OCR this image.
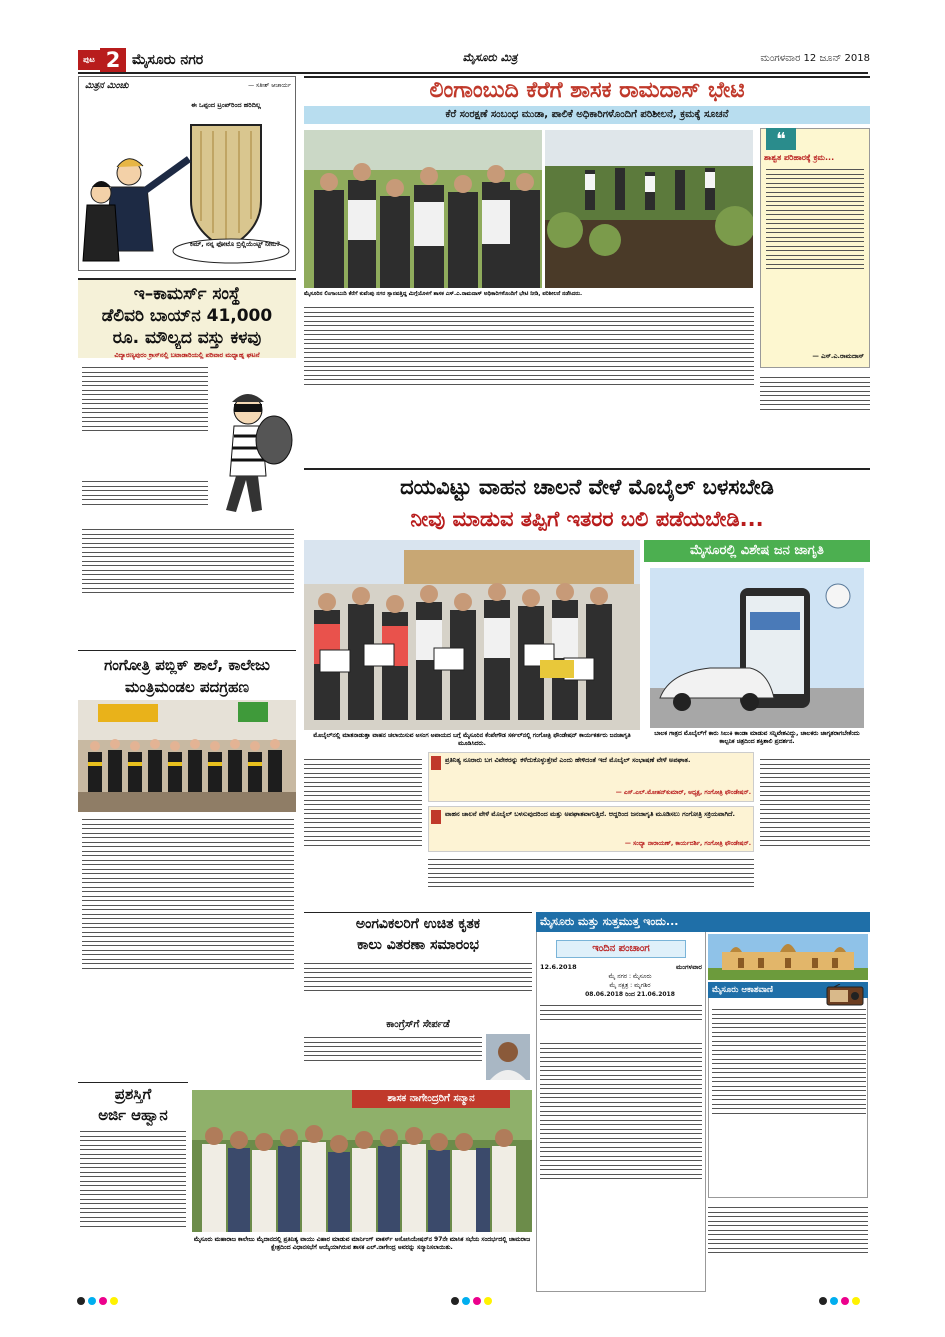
ಪುಟ 2 ಮೈಸೂರು ನಗರ	ಮೈಸೂರು ಮಿತ್ರ	ಮಂಗಳವಾರ 12 ಜೂನ್ 2018
ಮಿತ್ರನ ಮಿಂಚು	— ಸತೀಶ್ ಆಚಾರ್ಯ
ಈ ಒಪ್ಪಂದ ಟ್ರಂಪ್‌ರಿಂದ ಹರಿದಿಲ್ಲ
ಕಿಮ್, ನನ್ನ ಫೋಟೊ ಬ್ರಿಲ್ಲಿಯೆಂಟ್ಟ್ ನೀನು?
ಇ–ಕಾಮರ್ಸ್ ಸಂಸ್ಥೆ
ಡೆಲಿವರಿ ಬಾಯ್‌ನ 41,000
ರೂ. ಮೌಲ್ಯದ ವಸ್ತು ಕಳವು
ವಿದ್ಯಾರಣ್ಯಪುರಂ ಕ್ರಾಸ್‌ನಲ್ಲಿ ಬಟಾಡಾರಿಯಲ್ಲಿ ಪರಿವಾರ ಮಧ್ಯಾಹ್ನ ಘಟನೆ
ಗಂಗೋತ್ರಿ ಪಬ್ಲಿಕ್ ಶಾಲೆ, ಕಾಲೇಜು
ಮಂತ್ರಿಮಂಡಲ ಪದಗ್ರಹಣ
ಪ್ರಶಸ್ತಿಗೆ
ಅರ್ಜಿ ಆಹ್ವಾನ
ಲಿಂಗಾಂಬುದಿ ಕೆರೆಗೆ ಶಾಸಕ ರಾಮದಾಸ್ ಭೇಟಿ
ಕೆರೆ ಸಂರಕ್ಷಣೆ ಸಂಬಂಧ ಮುಡಾ, ಪಾಲಿಕೆ ಅಧಿಕಾರಿಗಳೊಂದಿಗೆ ಪರಿಶೀಲನೆ, ಕ್ರಮಕ್ಕೆ ಸೂಚನೆ
ಮೈಸೂರಿನ ಲಿಂಗಾಂಬುದಿ ಕೆರೆಗೆ ಕುವೆಂಪು ನಗರ ಸ್ನಾನವತ್ತಿದ್ದ ಮಿಗ್ಗೆಯೊಳಗೆ ಶಾಸಕ ಎಸ್.ಎ.ರಾಮದಾಸ್ ಅಧಿಕಾರಿಗಳೊಂದಿಗೆ ಭೇಟಿ ನೀಡಿ, ಪರಿಶೀಲನೆ ನಡೆಸಿದರು.
❝
ಶಾಶ್ವತ ಪರಿಹಾರಕ್ಕೆ ಕ್ರಮ...
— ಎಸ್.ಎ.ರಾಮದಾಸ್
ದಯವಿಟ್ಟು ವಾಹನ ಚಾಲನೆ ವೇಳೆ ಮೊಬೈಲ್ ಬಳಸಬೇಡಿ
ನೀವು ಮಾಡುವ ತಪ್ಪಿಗೆ ಇತರರ ಬಲಿ ಪಡೆಯಬೇಡಿ...
ಮೈಸೂರಲ್ಲಿ ವಿಶೇಷ ಜನ ಜಾಗೃತಿ
ಮೊಬೈಲ್‌ನಲ್ಲಿ ಮಾತನಾಡುತ್ತಾ ವಾಹನ ಚಲಾಯಿಸುವ ಅಸಂಗ ಅಪಾಯದ ಬಗ್ಗೆ ಮೈಸೂರಿನ ಕೆಂಪೇಗೌಡ ಸರ್ಕಲ್‌ನಲ್ಲಿ ಗಂಗೋತ್ರಿ ಫೌಂಡೇಷನ್ ಕಾರ್ಯಕರ್ತರು ಜನಜಾಗೃತಿ ಮೂಡಿಸಿದರು.
ಬಾಲಕ ಗಾತ್ರದ ಮೊಬೈಲ್‌ಗೆ ಕಾರು ಸಿಲುಕಿ ಕಾಂಡಾ ಮಾಡುವ ಸನ್ನಿವೇಶವಿದ್ದು, ಚಾಲಕರು ಜಾಗೃತರಾಗಬೇಕೆಂದು ಕಾಲ್ಪನಿಕ ಚಿತ್ರದಿಂದ ಶಕ್ತಿಶಾಲಿ ಪ್ರದರ್ಶನ.
ಪ್ರತಿನಿತ್ಯ ನೂರಾರು ಬಗ ವಿವೇಕರನ್ನು ಕಳೆದುಕೊಳ್ಳುತ್ತೇವೆ ಎಂದು ಹೇಳಿದಂತೆ ಇದೆ ಮೊಬೈಲ್ ಸಂಭಾಷಣೆ ವೇಳೆ ಅಪಘಾತ.
— ಎಸ್.ಎಲ್.ಮೋಹನ್‌ಕುಮಾರ್, ಅಧ್ಯಕ್ಷ, ಗಂಗೋತ್ರಿ ಫೌಂಡೇಷನ್.
ವಾಹನ ಚಾಲನೆ ವೇಳೆ ಮೊಬೈಲ್ ಬಳಸುವುದರಿಂದ ಮತ್ತು ಅಪಘಾತವಾಗುತ್ತಿದೆ. ಆದ್ದರಿಂದ ಜನಜಾಗೃತಿ ಮೂಡಿಸಲು ಗಂಗೋತ್ರಿ ಸಕ್ರಿಯವಾಗಿದೆ.
— ಸಂಧ್ಯಾ ನಾರಾಯಣ್, ಕಾರ್ಯದರ್ಶಿ, ಗಂಗೋತ್ರಿ ಫೌಂಡೇಷನ್.
ಅಂಗವಿಕಲರಿಗೆ ಉಚಿತ ಕೃತಕ
ಕಾಲು ವಿತರಣಾ ಸಮಾರಂಭ
ಕಾಂಗ್ರೆಸ್‌ಗೆ ಸೇರ್ಪಡೆ
ಶಾಸಕ ನಾಗೇಂದ್ರರಿಗೆ ಸನ್ಮಾನ
ಮೈಸೂರು ಮಹಾರಾಜ ಕಾಲೇಜು ಮೈದಾನದಲ್ಲಿ ಪ್ರತಿನಿತ್ಯ ವಾಯು ವಿಹಾರ ಮಾಡುವ ಮಾರ್ನಿಂಗ್ ವಾಕರ್ಸ್ ಅಸೋಸಿಯೇಷನ್‌ನ 97ನೇ ಮಾಸಿಕ ಸಭೆಯ ಸಂದರ್ಭದಲ್ಲಿ ಚಾಮರಾಜ ಕ್ಷೇತ್ರದಿಂದ ವಿಧಾನಸಭೆಗೆ ಆಯ್ಕೆಯಾಗಿರುವ ಶಾಸಕ ಎಲ್.ನಾಗೇಂದ್ರ ಅವರನ್ನು ಸನ್ಮಾನಿಸಲಾಯಿತು.
ಮೈಸೂರು ಮತ್ತು ಸುತ್ತಮುತ್ತ ಇಂದು...
ಇಂದಿನ ಪಂಚಾಂಗ
12.6.2018	ಮಂಗಳವಾರ
ಮೈ ನಗರ : ಮೈಸೂರು
ಮೈ ನಕ್ಷತ್ರ : ಮೃಗಶಿರ
08.06.2018 ರಿಂದ 21.06.2018	ಮೈಸೂರು ಆಕಾಶವಾಣಿ
